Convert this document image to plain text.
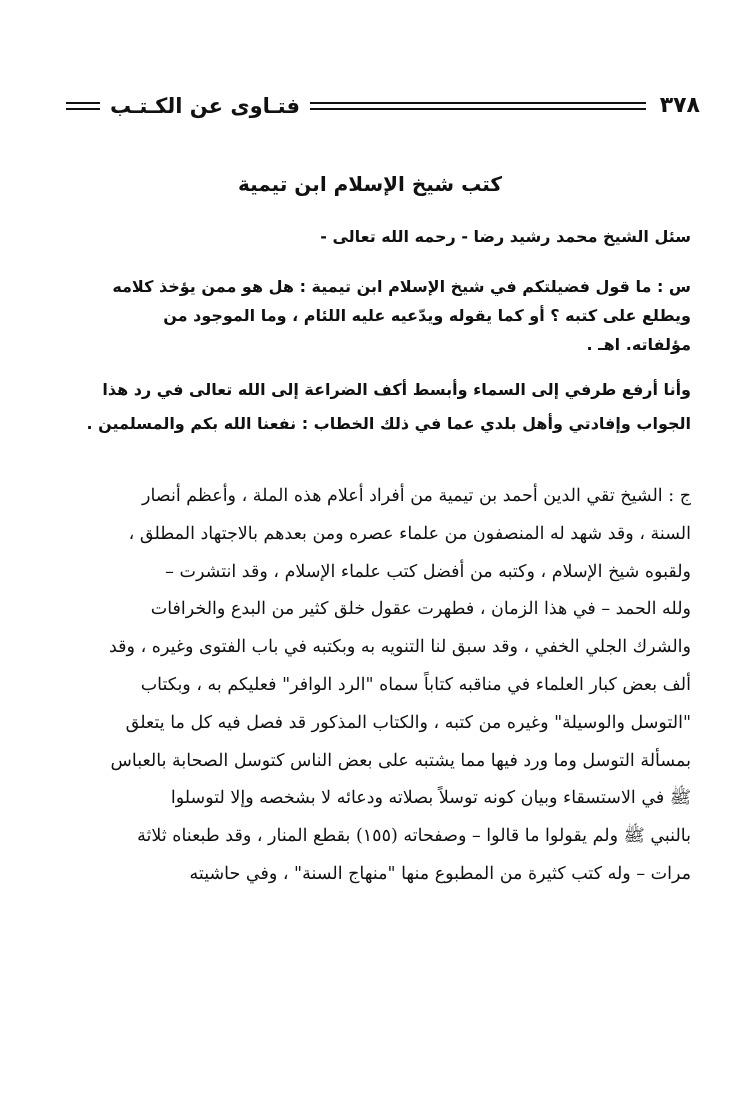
٣٧٨
فتـاوى عن الكـتـب
كتب شيخ الإسلام ابن تيمية
سئل الشيخ محمد رشيد رضا - رحمه الله تعالى -
س : ما قول فضيلتكم في شيخ الإسلام ابن تيمية : هل هو ممن يؤخذ كلامه
ويطلع على كتبه ؟ أو كما يقوله ويدّعيه عليه اللئام ، وما الموجود من
مؤلفاته. اهـ .
وأنا أرفع طرفي إلى السماء وأبسط أكف الضراعة إلى الله تعالى في رد هذا
الجواب وإفادتي وأهل بلدي عما في ذلك الخطاب : نفعنا الله بكم والمسلمين .
ج : الشيخ تقي الدين أحمد بن تيمية من أفراد أعلام هذه الملة ، وأعظم أنصار
السنة ، وقد شهد له المنصفون من علماء عصره ومن بعدهم بالاجتهاد المطلق ،
ولقبوه شيخ الإسلام ، وكتبه من أفضل كتب علماء الإسلام ، وقد انتشرت –
ولله الحمد – في هذا الزمان ، فطهرت عقول خلق كثير من البدع والخرافات
والشرك الجلي الخفي ، وقد سبق لنا التنويه به وبكتبه في باب الفتوى وغيره ، وقد
ألف بعض كبار العلماء في مناقبه كتاباً سماه "الرد الوافر" فعليكم به ، وبكتاب
"التوسل والوسيلة" وغيره من كتبه ، والكتاب المذكور قد فصل فيه كل ما يتعلق
بمسألة التوسل وما ورد فيها مما يشتبه على بعض الناس كتوسل الصحابة بالعباس
ﷺ في الاستسقاء وبيان كونه توسلاً بصلاته ودعائه لا بشخصه وإلا لتوسلوا
بالنبي ﷺ ولم يقولوا ما قالوا – وصفحاته (١٥٥) بقطع المنار ، وقد طبعناه ثلاثة
مرات – وله كتب كثيرة من المطبوع منها "منهاج السنة" ، وفي حاشيته
